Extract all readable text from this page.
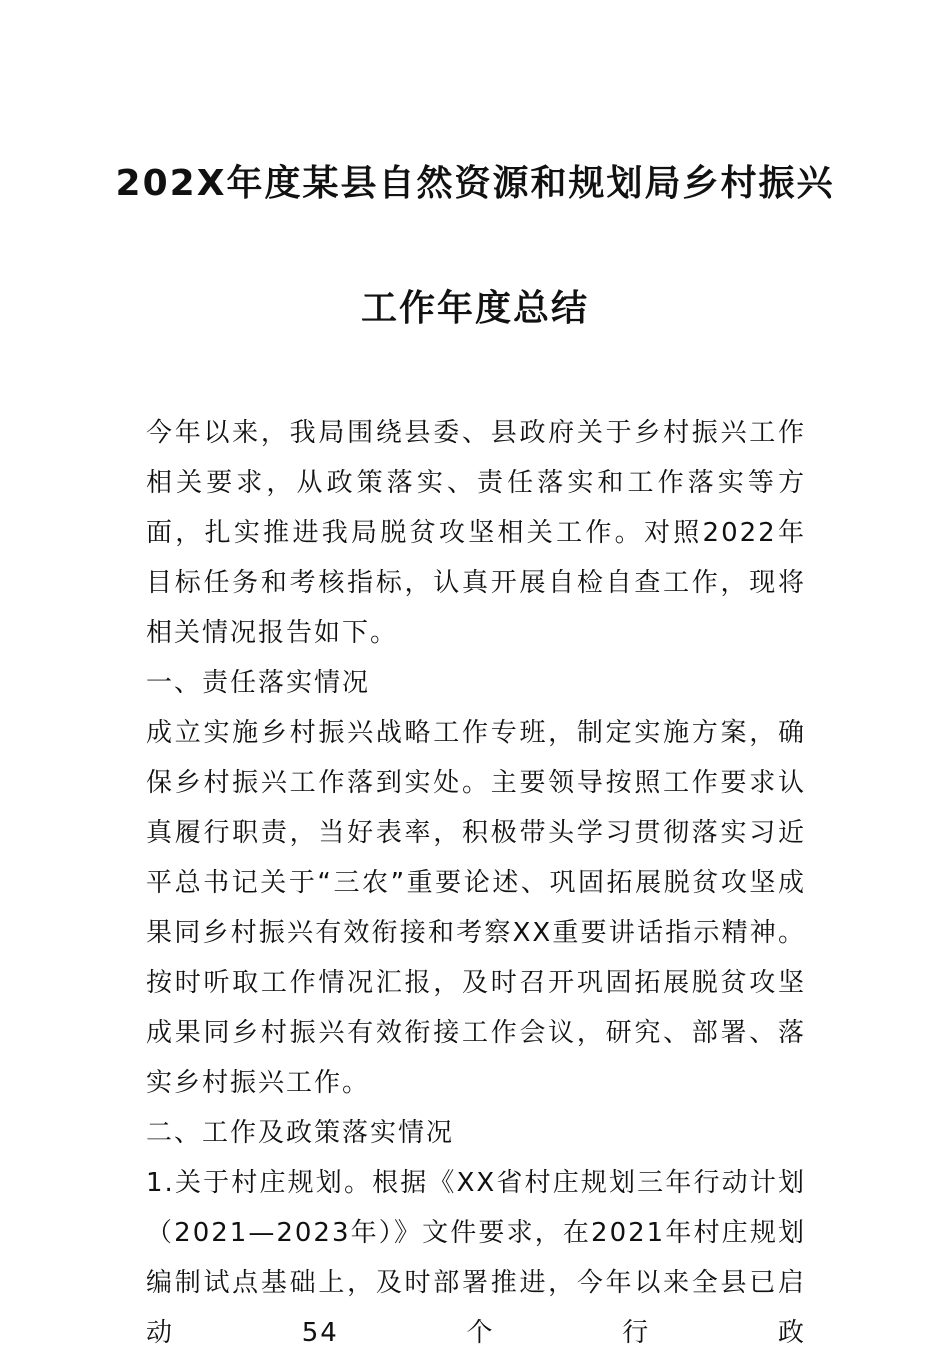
202X年度某县自然资源和规划局乡村振兴
工作年度总结

今年以来，我局围绕县委、县政府关于乡村振兴工作相关要求，从政策落实、责任落实和工作落实等方面，扎实推进我局脱贫攻坚相关工作。对照2022年目标任务和考核指标，认真开展自检自查工作，现将相关情况报告如下。

一、责任落实情况

成立实施乡村振兴战略工作专班，制定实施方案，确保乡村振兴工作落到实处。主要领导按照工作要求认真履行职责，当好表率，积极带头学习贯彻落实习近平总书记关于“三农”重要论述、巩固拓展脱贫攻坚成果同乡村振兴有效衔接和考察XX重要讲话指示精神。按时听取工作情况汇报，及时召开巩固拓展脱贫攻坚成果同乡村振兴有效衔接工作会议，研究、部署、落实乡村振兴工作。

二、工作及政策落实情况

1.关于村庄规划。根据《XX省村庄规划三年行动计划（2021—2023年）》文件要求，在2021年村庄规划编制试点基础上，及时部署推进，今年以来全县已启动54个行政
